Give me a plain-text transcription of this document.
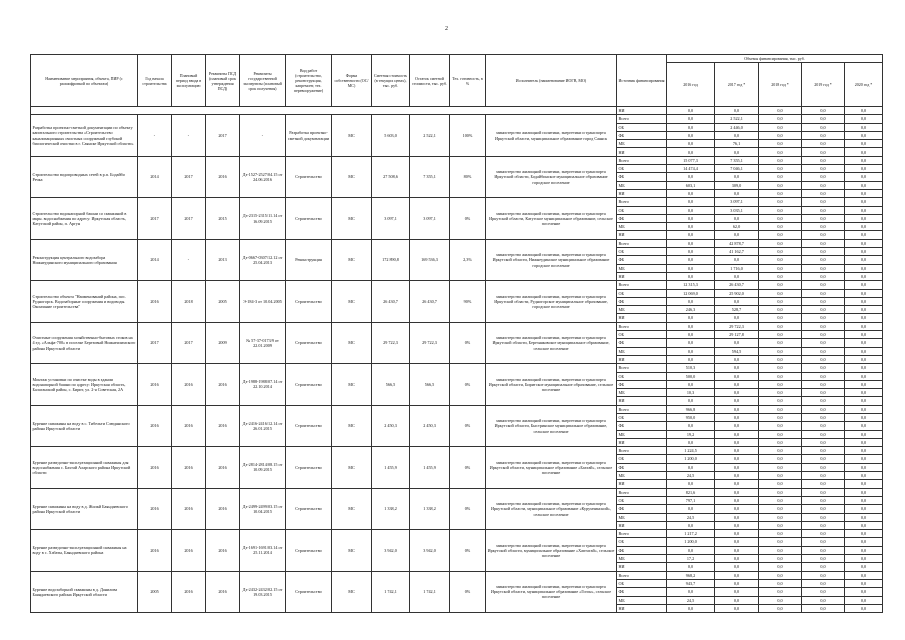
2
Наименование мероприятия, объекта, ПИР (с расшифровкой по объектам)	Год начала строительства	Плановый период ввода в эксплуатацию	Реквизиты ПСД (плановый срок утверждения ПСД)	Реквизиты государственной экспертизы (плановый срок получения)	Вид работ (строительство, реконструкция, капремонт, тех. перевооружение)	Форма собственности (ОС/МС)	Сметная стоимость (в текущих ценах), тыс. руб.	Остаток сметной стоимости, тыс. руб.	Тех. готовность, в %	Исполнитель (наименование ИОГВ, МО)	Источник финансирования	Объемы финансирования, тыс. руб.				
												2016 год	2017 год *	2018 год *	2019 год *	2020 год *
											НИ	0,0	0,0	0,0	0,0	0,0
Разработка проектно-сметной документации по объекту капитального строительства «Строительство канализационных очистных сооружений глубокой биологической очистки в г. Саянске Иркутской области»	-	-	2017	-	Разработка проектно-сметной документации	МС	5 603,0	2 522,1	100%	министерство жилищной политики, энергетики и транспорта Иркутской области, муниципальное образование город Саянск	Всего	0,0	2 522,1	0,0	0,0	0,0
											ОБ	0,0	2 446,0	0,0	0,0	0,0
											ФБ	0,0	0,0	0,0	0,0	0,0
											МБ	0,0	76,1	0,0	0,0	0,0
											НИ	0,0	0,0	0,0	0,0	0,0
Строительство водопроводных сетей в р.п. Бодайбо Речка	2014	2017	2016	Дз-1527-2527/04.15 от 24.06.2016	Строительство	МС	27 508,6	7 355,1	80%	министерство жилищной политики, энергетики и транспорта Иркутской области, Бодайбинское муниципальное образование городское поселение	Всего	15 077,3	7 355,1	0,0	0,0	0,0
											ОБ	14 474,4	7 046,1	0,0	0,0	0,0
											ФБ	0,0	0,0	0,0	0,0	0,0
											МБ	603,1	309,0	0,0	0,0	0,0
											НИ	0,0	0,0	0,0	0,0	0,0
Строительство водонапорной башни со скважиной в мкрн. водоснабжения по адресу: Иркутская область, Катугский район, п. Аргун	2017	2017	2015	Дз-2315-2315/11.14 от 16.09.2015	Строительство	МС	3 097,1	3 097,1	0%	министерство жилищной политики, энергетики и транспорта Иркутской области, Катугское муниципальное образование, сельское поселение	Всего	0,0	3 097,1	0,0	0,0	0,0
											ОБ	0,0	3 035,1	0,0	0,0	0,0
											ФБ	0,0	0,0	0,0	0,0	0,0
											МБ	0,0	62,0	0,0	0,0	0,0
											НИ	0,0	0,0	0,0	0,0	0,0
Реконструкция центрального водозабора Нижнеудинского муниципального образования	2014	-	2013	Дз-0667-0307/12.12 от 25.04.2013	Реконструкция	МС	172 890,8	169 536,3	2,3%	министерство жилищной политики, энергетики и транспорта Иркутской области, Нижнеудинское муниципальное образование городское поселение	Всего	0,0	42 878,7	0,0	0,0	0,0
											ОБ	0,0	41 162,7	0,0	0,0	0,0
											ФБ	0,0	0,0	0,0	0,0	0,0
											МБ	0,0	1 716,0	0,0	0,0	0,0
											НИ	0,0	0,0	0,0	0,0	0,0
Строительство объекта "Наименований района, пос. Рудногорск. Водозаборные сооружения и водоводы. Окончание строительства"	2016	2018	2005	Э-184-3 от 10.04.2005	Строительство	МС	26 430,7	26 430,7	90%	министерство жилищной политики, энергетики и транспорта Иркутской области, Рудногорское муниципальное образование, городское поселение	Всего	12 315,3	26 430,7	0,0	0,0	0,0
											ОБ	12 069,0	25 902,0	0,0	0,0	0,0
											ФБ	0,0	0,0	0,0	0,0	0,0
											МБ	246,3	528,7	0,0	0,0	0,0
											НИ	0,0	0,0	0,0	0,0	0,0
Очистные сооружения хозяйственно-бытовых стоков на 4 ед. «Альфа-700» в поселке Березовый Нижнеилимского района Иркутской области	2017	2017	2009	№ 57-37-0173/9 от 22.01.2009	Строительство	МС	29 722,3	29 722,3	0%	министерство жилищной политики, энергетики и транспорта Иркутской области, Березняковское муниципальное образование, сельское поселение	Всего	0,0	29 722,3	0,0	0,0	0,0
											ОБ	0,0	29 127,8	0,0	0,0	0,0
											ФБ	0,0	0,0	0,0	0,0	0,0
											МБ	0,0	594,5	0,0	0,0	0,0
											НИ	0,0	0,0	0,0	0,0	0,0
Монтаж установки по очистке воды в здании водонапорной башни по адресу: Иркутская область, Балаганский район, с. Бирит, ул. 2-я Советская, 2А	2016	2016	2016	Дз-1988-1988/07.14 от 22.10.2014	Строительство	МС	566,5	566,5	0%	министерство жилищной политики, энергетики и транспорта Иркутской области, Биритское муниципальное образование, сельское поселение	Всего	510,3	0,0	0,0	0,0	0,0
											ОБ	500,0	0,0	0,0	0,0	0,0
											ФБ	0,0	0,0	0,0	0,0	0,0
											МБ	10,3	0,0	0,0	0,0	0,0
											НИ	0,0	0,0	0,0	0,0	0,0
Бурение скважины на воду в с. Тибельти Слюдянского района Иркутской области	2016	2016	2016	Дз-2416-2416/12.14 от 26.01.2015	Строительство	МС	2 450,3	2 450,3	0%	министерство жилищной политики, энергетики и транспорта Иркутской области, Быстринское муниципальное образование, сельское поселение	Всего	966,8	0,0	0,0	0,0	0,0
											ОБ	950,0	0,0	0,0	0,0	0,0
											ФБ	0,0	0,0	0,0	0,0	0,0
											МБ	19,2	0,0	0,0	0,0	0,0
											НИ	0,0	0,0	0,0	0,0	0,0
Бурение разведочно-эксплуатационной скважины для водоснабжения с. Бахтай Аларского района Иркутской области	2016	2016	2016	Дз-2814-2814/08.15 от 10.09.2015	Строительство	МС	1 455,9	1 455,9	0%	министерство жилищной политики, энергетики и транспорта Иркутской области, муниципальное образование «Бахтай», сельское поселение	Всего	1 224,5	0,0	0,0	0,0	0,0
											ОБ	1 200,0	0,0	0,0	0,0	0,0
											ФБ	0,0	0,0	0,0	0,0	0,0
											МБ	24,5	0,0	0,0	0,0	0,0
											НИ	0,0	0,0	0,0	0,0	0,0
Бурение скважины на воду в д. Жилкй Баяндаевского района Иркутской области	2016	2016	2016	Дз-2499-2499/03.15 от 10.04.2015	Строительство	МС	1 338,2	1 338,2	0%	министерство жилищной политики, энергетики и транспорта Иркутской области, муниципальное образование «Курумчинский», сельское поселение	Всего	821,6	0,0	0,0	0,0	0,0
											ОБ	797,1	0,0	0,0	0,0	0,0
											ФБ	0,0	0,0	0,0	0,0	0,0
											МБ	24,5	0,0	0,0	0,0	0,0
											НИ	0,0	0,0	0,0	0,0	0,0
Бурение разведочно-эксплуатационной скважины на воду в с. Хабаты, Баяндаевского района	2016	2016	2016	Дз-1691-1691/03.14 от 25.11.2014	Строительство	МС	3 942,0	3 942,0	0%	министерство жилищной политики, энергетики и транспорта Иркутской области, муниципальное образование «Хаптагай», сельское поселение	Всего	1 217,2	0,0	0,0	0,0	0,0
											ОБ	1 200,0	0,0	0,0	0,0	0,0
											ФБ	0,0	0,0	0,0	0,0	0,0
											МБ	17,2	0,0	0,0	0,0	0,0
											НИ	0,0	0,0	0,0	0,0	0,0
Бурение водозаборной скважины в д. Данилова Баяндаевского района Иркутской области	2005	2016	2016	Дз-2432-2432/02.15 от 19.03.2015	Строительство	МС	1 742,1	1 742,1	0%	министерство жилищной политики, энергетики и транспорта Иркутской области, муниципальное образование «Гогон», сельское поселение	Всего	968,2	0,0	0,0	0,0	0,0
											ОБ	943,7	0,0	0,0	0,0	0,0
											ФБ	0,0	0,0	0,0	0,0	0,0
											МБ	24,5	0,0	0,0	0,0	0,0
											НИ	0,0	0,0	0,0	0,0	0,0
